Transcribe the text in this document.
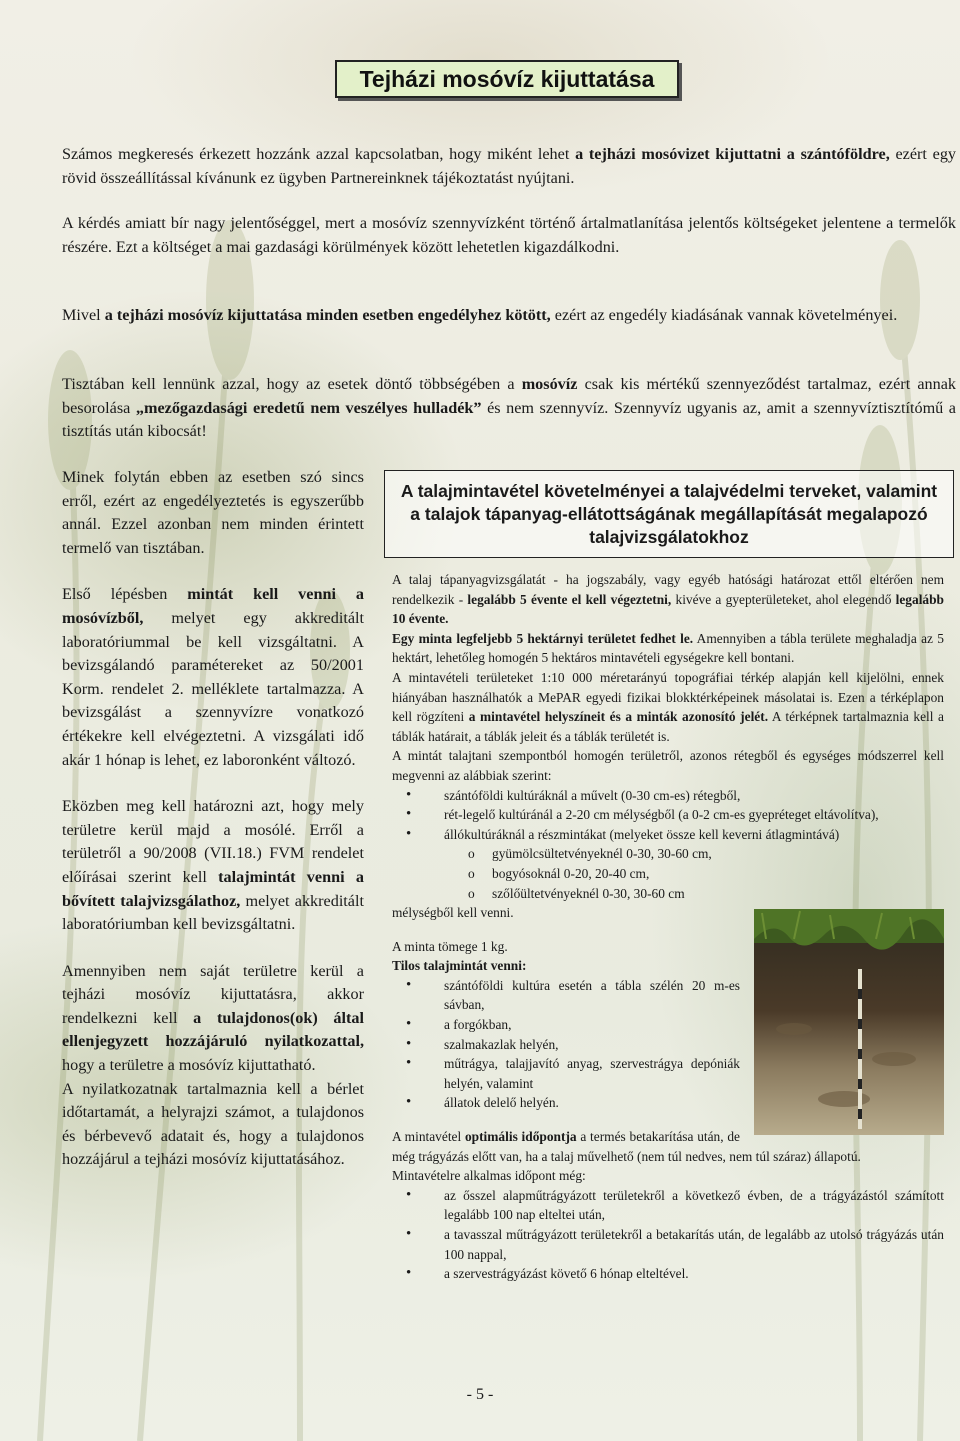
Tejházi mosóvíz kijuttatása

Számos megkeresés érkezett hozzánk azzal kapcsolatban, hogy miként lehet a tejházi mosóvizet kijuttatni a szántóföldre, ezért egy rövid összeállítással kívánunk ez ügyben Partnereinknek tájékoztatást nyújtani.

A kérdés amiatt bír nagy jelentőséggel, mert a mosóvíz szennyvízként történő ártalmatlanítása jelentős költségeket jelentene a termelők részére. Ezt a költséget a mai gazdasági körülmények között lehetetlen kigazdálkodni.

Mivel a tejházi mosóvíz kijuttatása minden esetben engedélyhez kötött, ezért az engedély kiadásának vannak követelményei.

Tisztában kell lennünk azzal, hogy az esetek döntő többségében a mosóvíz csak kis mértékű szennyeződést tartalmaz, ezért annak besorolása „mezőgazdasági eredetű nem veszélyes hulladék” és nem szennyvíz. Szennyvíz ugyanis az, amit a szennyvíztisztítómű a tisztítás után kibocsát!

Minek folytán ebben az esetben szó sincs erről, ezért az engedélyeztetés is egyszerűbb annál. Ezzel azonban nem minden érintett termelő van tisztában.

Első lépésben mintát kell venni a mosóvízből, melyet egy akkreditált laboratóriummal be kell vizsgáltatni. A bevizsgálandó paramétereket az 50/2001 Korm. rendelet 2. melléklete tartalmazza. A bevizsgálást a szennyvízre vonatkozó értékekre kell elvégeztetni. A vizsgálati idő akár 1 hónap is lehet, ez laboronként változó.

Eközben meg kell határozni azt, hogy mely területre kerül majd a mosólé. Erről a területről a 90/2008 (VII.18.) FVM rendelet előírásai szerint kell talajmintát venni a bővített talajvizsgálathoz, melyet akkreditált laboratóriumban kell bevizsgáltatni.

Amennyiben nem saját területre kerül a tejházi mosóvíz kijuttatásra, akkor rendelkezni kell a tulajdonos(ok) által ellenjegyzett hozzájáruló nyilatkozattal, hogy a területre a mosóvíz kijuttatható.

A nyilatkozatnak tartalmaznia kell a bérlet időtartamát, a helyrajzi számot, a tulajdonos és bérbevevő adatait és, hogy a tulajdonos hozzájárul a tejházi mosóvíz kijuttatásához.

A talajmintavétel követelményei a talajvédelmi terveket, valamint a talajok tápanyag-ellátottságának megállapítását megalapozó talajvizsgálatokhoz

A talaj tápanyagvizsgálatát - ha jogszabály, vagy egyéb hatósági határozat ettől eltérően nem rendelkezik - legalább 5 évente el kell végeztetni, kivéve a gyepterületeket, ahol elegendő legalább 10 évente.

Egy minta legfeljebb 5 hektárnyi területet fedhet le. Amennyiben a tábla területe meghaladja az 5 hektárt, lehetőleg homogén 5 hektáros mintavételi egységekre kell bontani.

A mintavételi területeket 1:10 000 méretarányú topográfiai térkép alapján kell kijelölni, ennek hiányában használhatók a MePAR egyedi fizikai blokktérképeinek másolatai is. Ezen a térképlapon kell rögzíteni a mintavétel helyszíneit és a minták azonosító jelét. A térképnek tartalmaznia kell a táblák határait, a táblák jeleit és a táblák területét is.

A mintát talajtani szempontból homogén területről, azonos rétegből és egységes módszerrel kell megvenni az alábbiak szerint:

• szántóföldi kultúráknál a művelt (0-30 cm-es) rétegből,
• rét-legelő kultúránál a 2-20 cm mélységből (a 0-2 cm-es gyepréteget eltávolítva),
• állókultúráknál a részmintákat (melyeket össze kell keverni átlagmintává)
o gyümölcsültetvényeknél 0-30, 30-60 cm,
o bogyósoknál 0-20, 20-40 cm,
o szőlőültetvényeknél 0-30, 30-60 cm

mélységből kell venni.

A minta tömege 1 kg.

Tilos talajmintát venni:

• szántóföldi kultúra esetén a tábla szélén 20 m-es sávban,
• a forgókban,
• szalmakazlak helyén,
• műtrágya, talajjavító anyag, szervestrágya depóniák helyén, valamint
• állatok delelő helyén.

A mintavétel optimális időpontja a termés betakarítása után, de még trágyázás előtt van, ha a talaj művelhető (nem túl nedves, nem túl száraz) állapotú.

Mintavételre alkalmas időpont még:

• az ősszel alapműtrágyázott területekről a következő évben, de a trágyázástól számított legalább 100 nap elteltei után,
• a tavasszal műtrágyázott területekről a betakarítás után, de legalább az utolsó trágyázás után 100 nappal,
• a szervestrágyázást követő 6 hónap elteltével.
- 5 -
